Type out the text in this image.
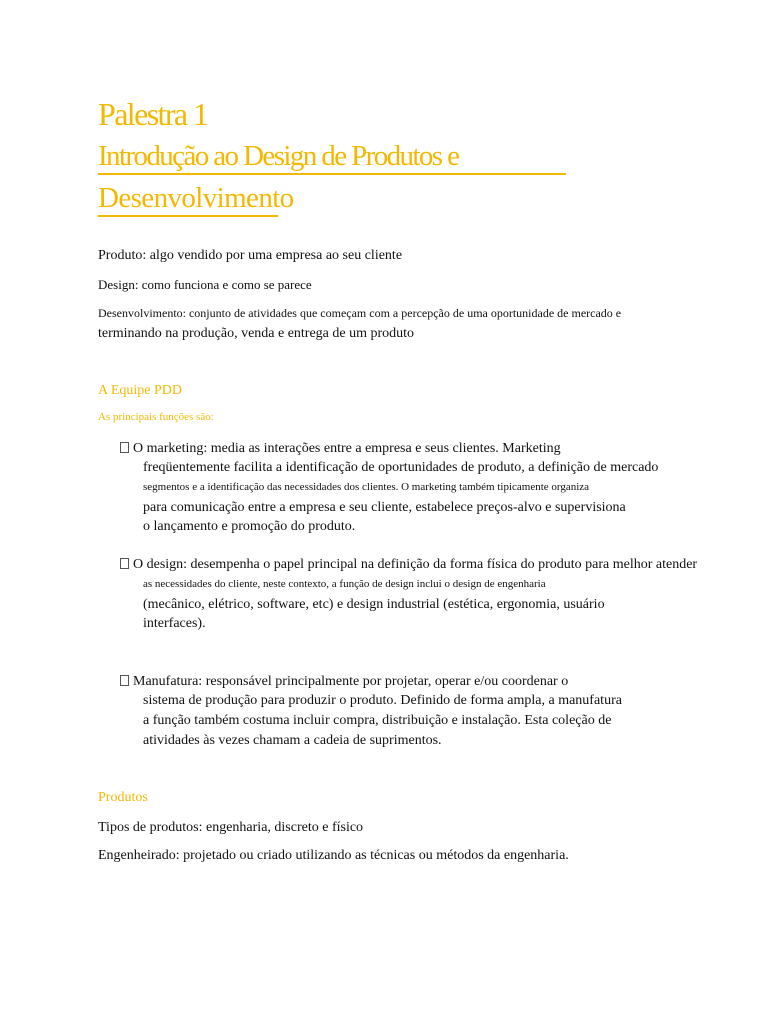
Palestra 1
Introdução ao Design de Produtos e
Desenvolvimento
Produto: algo vendido por uma empresa ao seu cliente
Design: como funciona e como se parece
Desenvolvimento: conjunto de atividades que começam com a percepção de uma oportunidade de mercado e
terminando na produção, venda e entrega de um produto
A Equipe PDD
As principais funções são:
O marketing: media as interações entre a empresa e seus clientes. Marketing
freqüentemente facilita a identificação de oportunidades de produto, a definição de mercado
segmentos e a identificação das necessidades dos clientes. O marketing também tipicamente organiza
para comunicação entre a empresa e seu cliente, estabelece preços-alvo e supervisiona
o lançamento e promoção do produto.
O design: desempenha o papel principal na definição da forma física do produto para melhor atender
as necessidades do cliente, neste contexto, a função de design inclui o design de engenharia
(mecânico, elétrico, software, etc) e design industrial (estética, ergonomia, usuário
interfaces).
Manufatura: responsável principalmente por projetar, operar e/ou coordenar o
sistema de produção para produzir o produto. Definido de forma ampla, a manufatura
a função também costuma incluir compra, distribuição e instalação. Esta coleção de
atividades às vezes chamam a cadeia de suprimentos.
Produtos
Tipos de produtos: engenharia, discreto e físico
Engenheirado: projetado ou criado utilizando as técnicas ou métodos da engenharia.
